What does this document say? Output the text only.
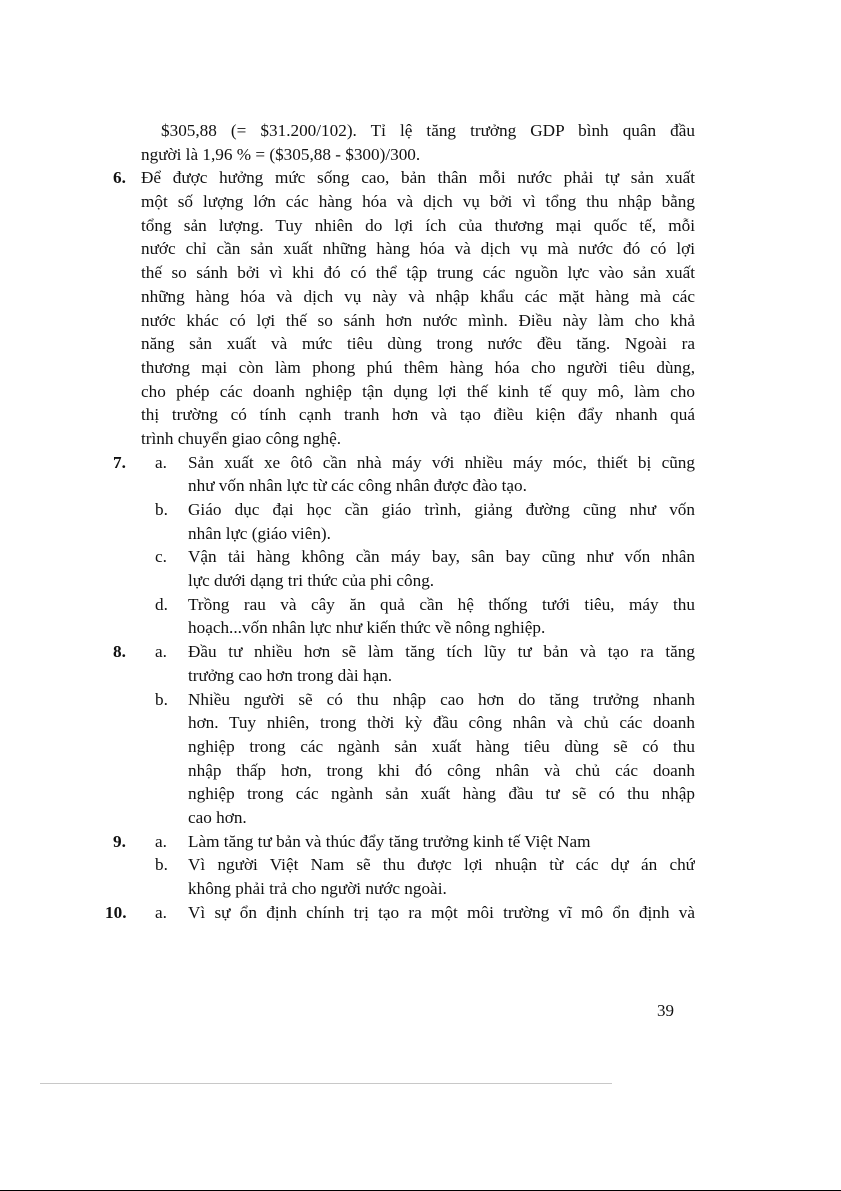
$305,88 (= $31.200/102). Tỉ lệ tăng trưởng GDP bình quân đầu
người là 1,96 % = ($305,88 - $300)/300.
6. Để được hưởng mức sống cao, bản thân mỗi nước phải tự sản xuất
một số lượng lớn các hàng hóa và dịch vụ bởi vì tổng thu nhập bằng
tổng sản lượng. Tuy nhiên do lợi ích của thương mại quốc tế, mỗi
nước chỉ cần sản xuất những hàng hóa và dịch vụ mà nước đó có lợi
thế so sánh bởi vì khi đó có thể tập trung các nguồn lực vào sản xuất
những hàng hóa và dịch vụ này và nhập khẩu các mặt hàng mà các
nước khác có lợi thế so sánh hơn nước mình. Điều này làm cho khả
năng sản xuất và mức tiêu dùng trong nước đều tăng. Ngoài ra
thương mại còn làm phong phú thêm hàng hóa cho người tiêu dùng,
cho phép các doanh nghiệp tận dụng lợi thế kinh tế quy mô, làm cho
thị trường có tính cạnh tranh hơn và tạo điều kiện đẩy nhanh quá
trình chuyển giao công nghệ.
7. a. Sản xuất xe ôtô cần nhà máy với nhiều máy móc, thiết bị cũng
như vốn nhân lực từ các công nhân được đào tạo.
b. Giáo dục đại học cần giáo trình, giảng đường cũng như vốn
nhân lực (giáo viên).
c. Vận tải hàng không cần máy bay, sân bay cũng như vốn nhân
lực dưới dạng tri thức của phi công.
d. Trồng rau và cây ăn quả cần hệ thống tưới tiêu, máy thu
hoạch...vốn nhân lực như kiến thức về nông nghiệp.
8. a. Đầu tư nhiều hơn sẽ làm tăng tích lũy tư bản và tạo ra tăng
trưởng cao hơn trong dài hạn.
b. Nhiều người sẽ có thu nhập cao hơn do tăng trưởng nhanh
hơn. Tuy nhiên, trong thời kỳ đầu công nhân và chủ các doanh
nghiệp trong các ngành sản xuất hàng tiêu dùng sẽ có thu
nhập thấp hơn, trong khi đó công nhân và chủ các doanh
nghiệp trong các ngành sản xuất hàng đầu tư sẽ có thu nhập
cao hơn.
9. a. Làm tăng tư bản và thúc đẩy tăng trưởng kinh tế Việt Nam
b. Vì người Việt Nam sẽ thu được lợi nhuận từ các dự án chứ
không phải trả cho người nước ngoài.
10. a. Vì sự ổn định chính trị tạo ra một môi trường vĩ mô ổn định và
39
